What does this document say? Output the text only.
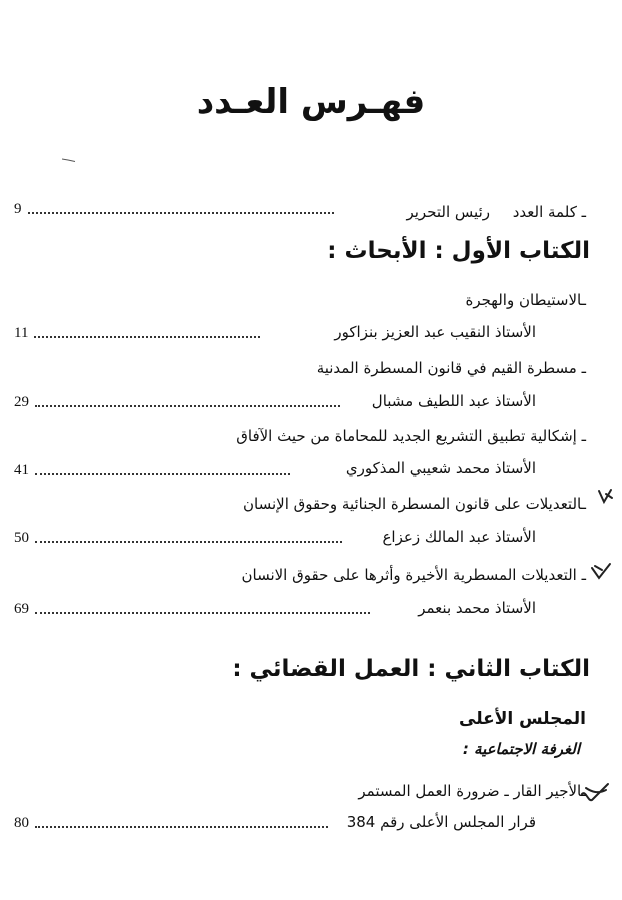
فهـرس العـدد
ـ كلمة العدد
رئيس التحرير
9
الكتاب الأول : الأبحاث :
ـالاستيطان والهجرة
الأستاذ النقيب عبد العزيز بنزاكور
11
ـ مسطرة القيم في قانون المسطرة المدنية
الأستاذ عبد اللطيف مشبال
29
ـ إشكالية تطبيق التشريع الجديد للمحاماة من حيث الآفاق
الأستاذ محمد شعيبي المذكوري
41
ـالتعديلات على قانون المسطرة الجنائية وحقوق الإنسان
الأستاذ عبد المالك زعزاع
50
ـ التعديلات المسطرية الأخيرة وأثرها على حقوق الانسان
الأستاذ محمد بنعمر
69
الكتاب الثاني : العمل القضائي :
المجلس الأعلى
الغرفة الاجتماعية :
ـالأجير القار ـ ضرورة العمل المستمر
قرار المجلس الأعلى رقم 384
80
